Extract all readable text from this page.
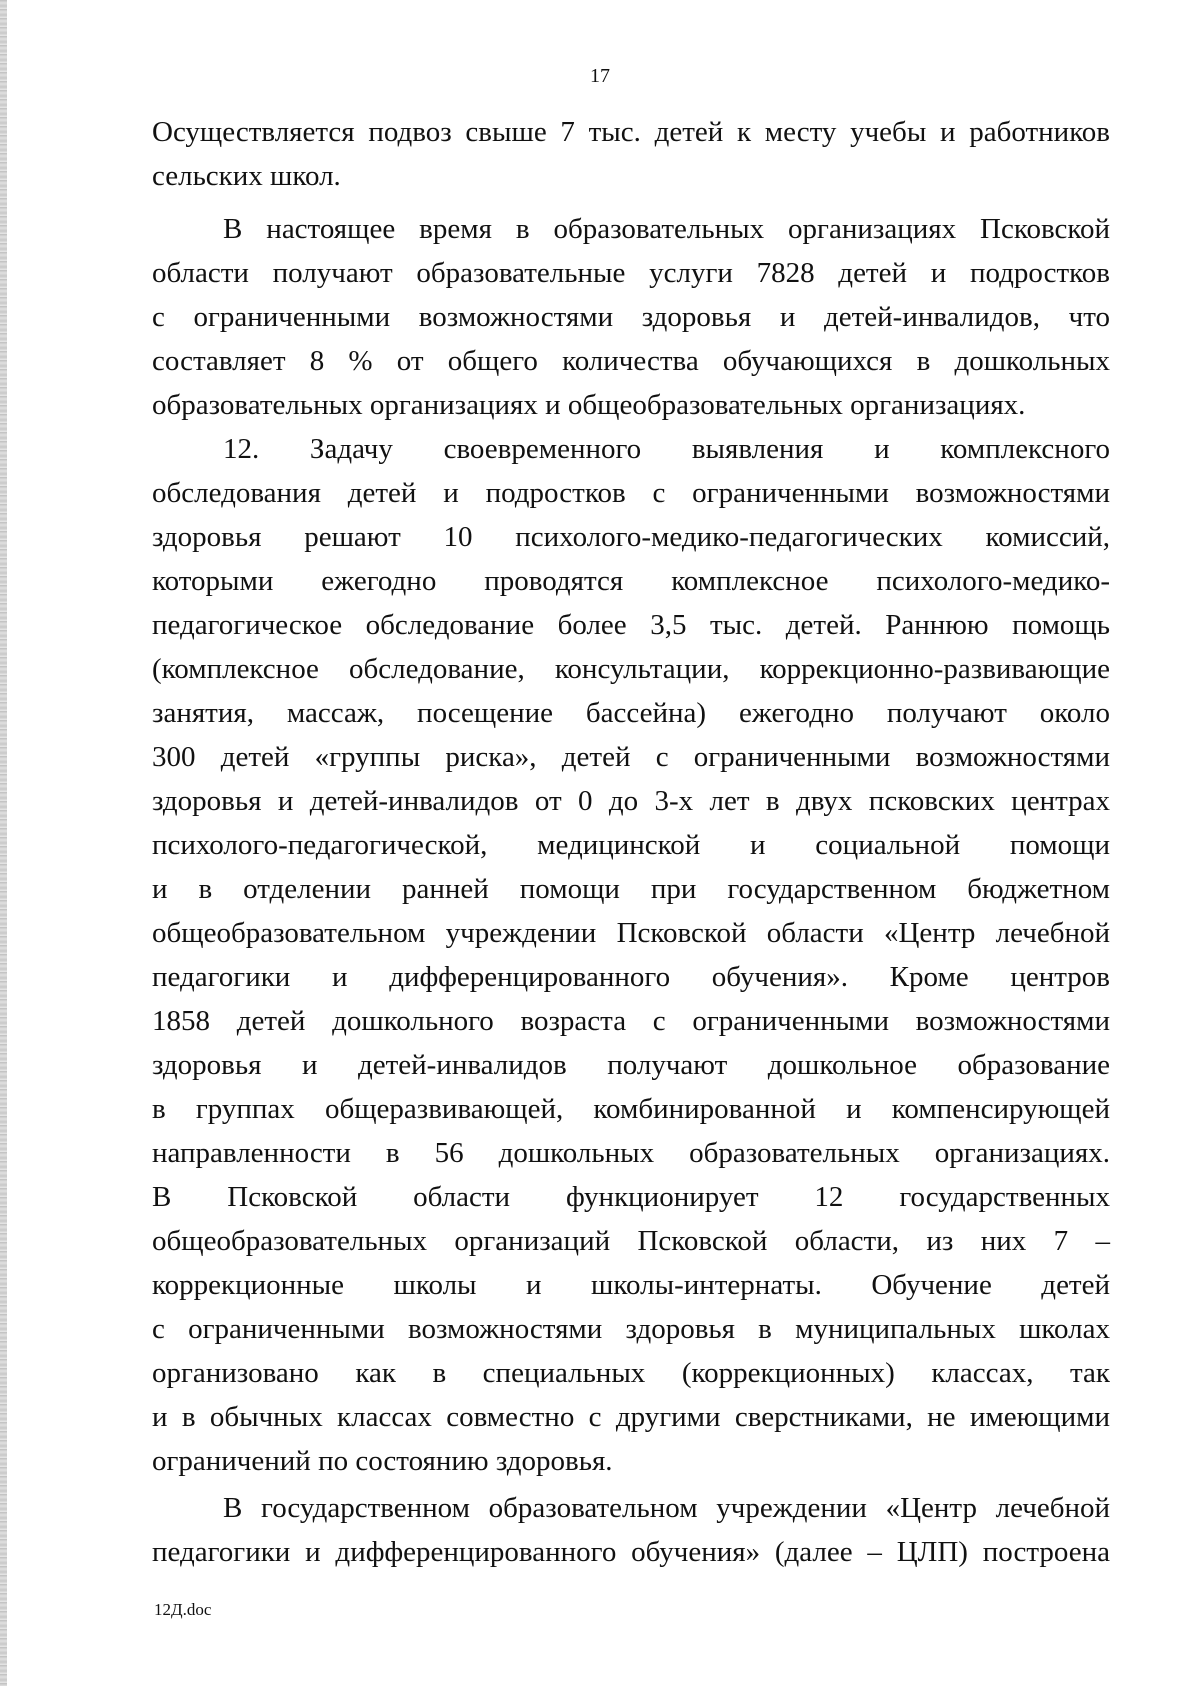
17
Осуществляется подвоз свыше 7 тыс. детей к месту учебы и работников
сельских школ.
В настоящее время в образовательных организациях Псковской
области получают образовательные услуги 7828 детей и подростков
с ограниченными возможностями здоровья и детей-инвалидов, что
составляет 8 % от общего количества обучающихся в дошкольных
образовательных организациях и общеобразовательных организациях.
12. Задачу своевременного выявления и комплексного
обследования детей и подростков с ограниченными возможностями
здоровья решают 10 психолого-медико-педагогических комиссий,
которыми ежегодно проводятся комплексное психолого-медико-
педагогическое обследование более 3,5 тыс. детей. Раннюю помощь
(комплексное обследование, консультации, коррекционно-развивающие
занятия, массаж, посещение бассейна) ежегодно получают около
300 детей «группы риска», детей с ограниченными возможностями
здоровья и детей-инвалидов от 0 до 3-х лет в двух псковских центрах
психолого-педагогической, медицинской и социальной помощи
и в отделении ранней помощи при государственном бюджетном
общеобразовательном учреждении Псковской области «Центр лечебной
педагогики и дифференцированного обучения». Кроме центров
1858 детей дошкольного возраста с ограниченными возможностями
здоровья и детей-инвалидов получают дошкольное образование
в группах общеразвивающей, комбинированной и компенсирующей
направленности в 56 дошкольных образовательных организациях.
В Псковской области функционирует 12 государственных
общеобразовательных организаций Псковской области, из них 7 –
коррекционные школы и школы-интернаты. Обучение детей
с ограниченными возможностями здоровья в муниципальных школах
организовано как в специальных (коррекционных) классах, так
и в обычных классах совместно с другими сверстниками, не имеющими
ограничений по состоянию здоровья.
В государственном образовательном учреждении «Центр лечебной
педагогики и дифференцированного обучения» (далее – ЦЛП) построена
12Д.doc
